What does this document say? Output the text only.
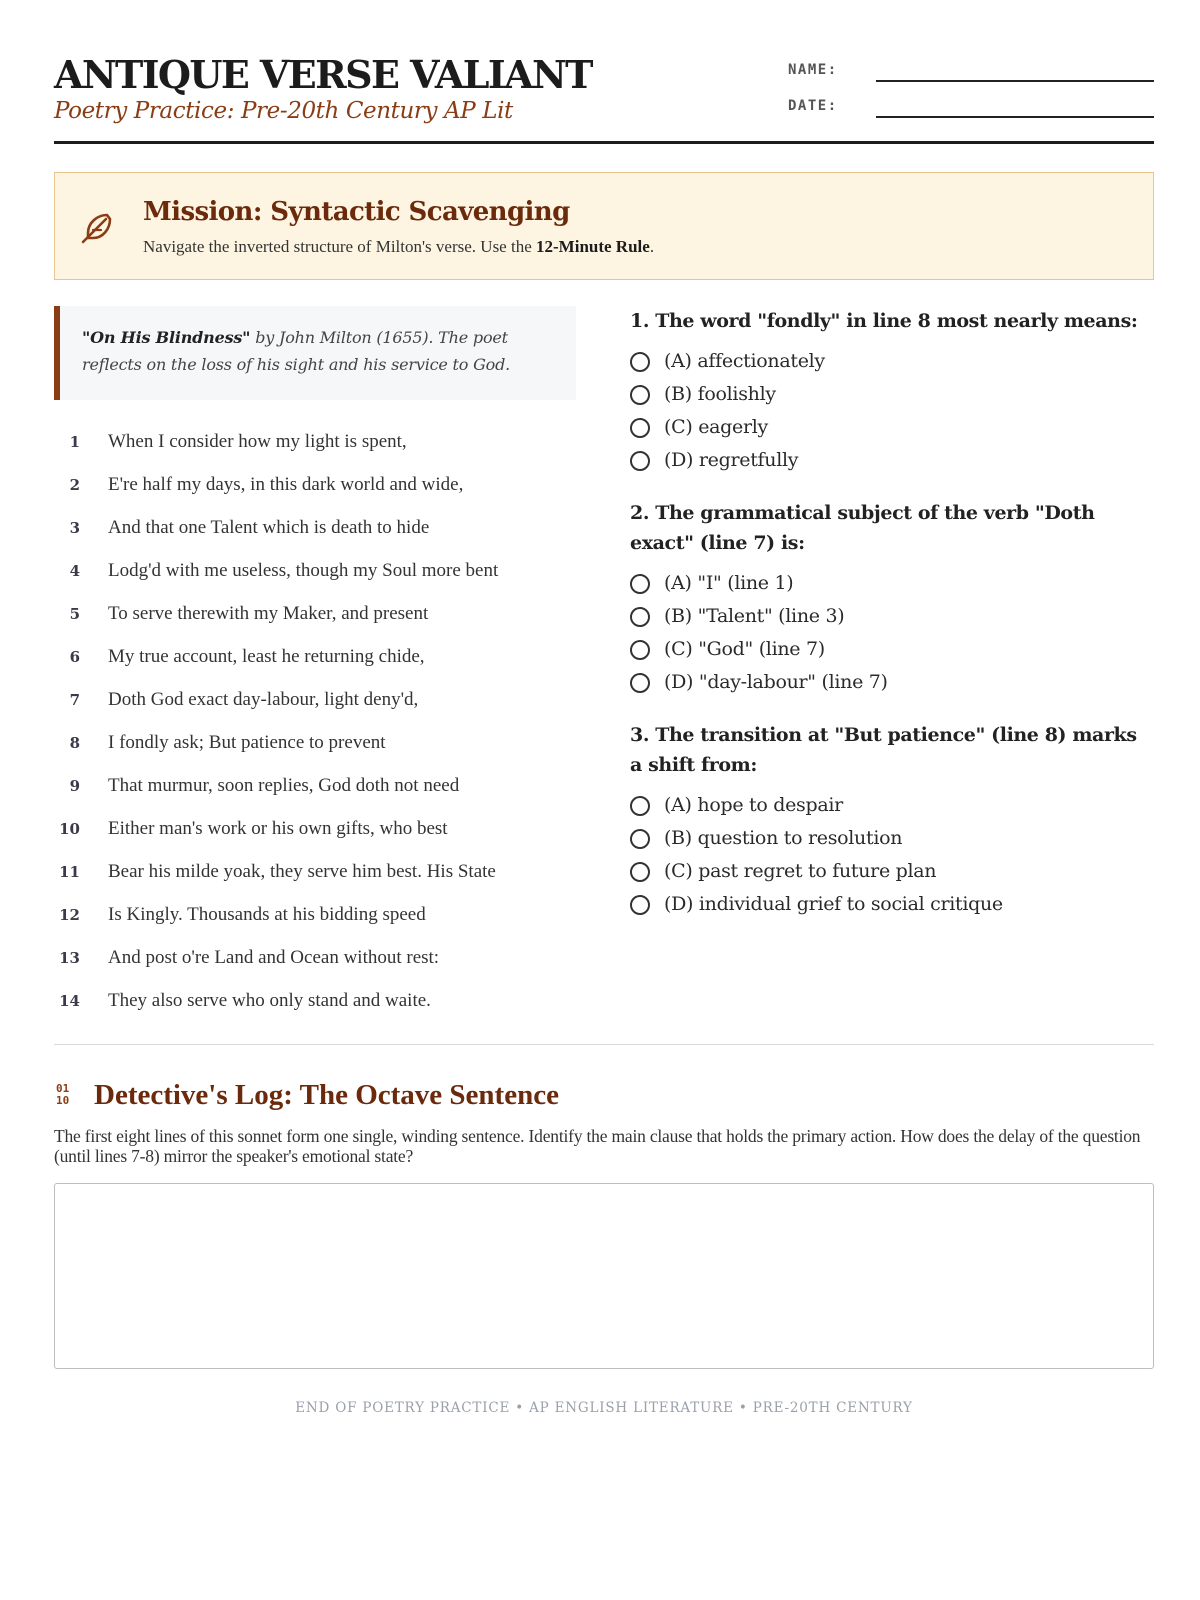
ANTIQUE VERSE VALIANT
Poetry Practice: Pre-20th Century AP Lit
NAME:
DATE:
Mission: Syntactic Scavenging
Navigate the inverted structure of Milton's verse. Use the 12-Minute Rule.
"On His Blindness" by John Milton (1655). The poet reflects on the loss of his sight and his service to God.
1 When I consider how my light is spent,
2 E're half my days, in this dark world and wide,
3 And that one Talent which is death to hide
4 Lodg'd with me useless, though my Soul more bent
5 To serve therewith my Maker, and present
6 My true account, least he returning chide,
7 Doth God exact day-labour, light deny'd,
8 I fondly ask; But patience to prevent
9 That murmur, soon replies, God doth not need
10 Either man's work or his own gifts, who best
11 Bear his milde yoak, they serve him best. His State
12 Is Kingly. Thousands at his bidding speed
13 And post o're Land and Ocean without rest:
14 They also serve who only stand and waite.
1. The word "fondly" in line 8 most nearly means:
(A) affectionately
(B) foolishly
(C) eagerly
(D) regretfully
2. The grammatical subject of the verb "Doth exact" (line 7) is:
(A) "I" (line 1)
(B) "Talent" (line 3)
(C) "God" (line 7)
(D) "day-labour" (line 7)
3. The transition at "But patience" (line 8) marks a shift from:
(A) hope to despair
(B) question to resolution
(C) past regret to future plan
(D) individual grief to social critique
01
10 Detective's Log: The Octave Sentence
The first eight lines of this sonnet form one single, winding sentence. Identify the main clause that holds the primary action. How does the delay of the question (until lines 7-8) mirror the speaker's emotional state?
END OF POETRY PRACTICE • AP ENGLISH LITERATURE • PRE-20TH CENTURY
